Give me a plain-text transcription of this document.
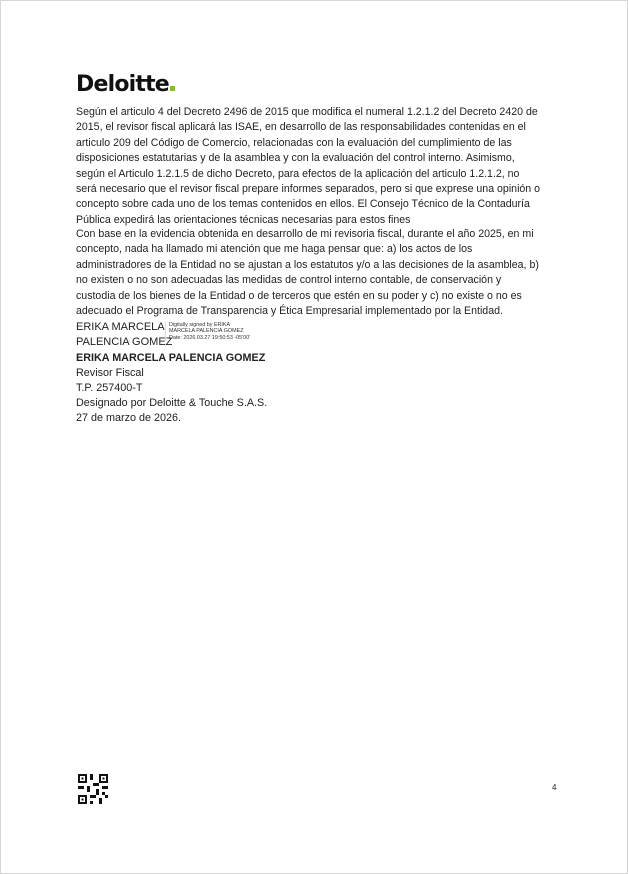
Deloitte
Según el articulo 4 del Decreto 2496 de 2015 que modifica el numeral 1.2.1.2 del Decreto 2420 de
2015, el revisor fiscal aplicará las ISAE, en desarrollo de las responsabilidades contenidas en el
articulo 209 del Código de Comercio, relacionadas con la evaluación del cumplimiento de las
disposiciones estatutarias y de la asamblea y con la evaluación del control interno. Asimismo,
según el Articulo 1.2.1.5 de dicho Decreto, para efectos de la aplicación del articulo 1.2.1.2, no
será necesario que el revisor fiscal prepare informes separados, pero si que exprese una opinión o
concepto sobre cada uno de los temas contenidos en ellos. El Consejo Técnico de la Contaduría
Pública expedirá las orientaciones técnicas necesarias para estos fines
Con base en la evidencia obtenida en desarrollo de mi revisoria fiscal, durante el año 2025, en mi
concepto, nada ha llamado mi atención que me haga pensar que: a) los actos de los
administradores de la Entidad no se ajustan a los estatutos y/o a las decisiones de la asamblea, b)
no existen o no son adecuadas las medidas de control interno contable, de conservación y
custodia de los bienes de la Entidad o de terceros que estén en su poder y c) no existe o no es
adecuado el Programa de Transparencia y Ética Empresarial implementado por la Entidad.
ERIKA MARCELA
PALENCIA GOMEZ
Digitally signed by ERIKA
MARCELA PALENCIA GOMEZ
Date: 2026.03.27 19:50:53 -05'00'
ERIKA MARCELA PALENCIA GOMEZ
Revisor Fiscal
T.P. 257400-T
Designado por Deloitte & Touche S.A.S.
27 de marzo de 2026.
4
